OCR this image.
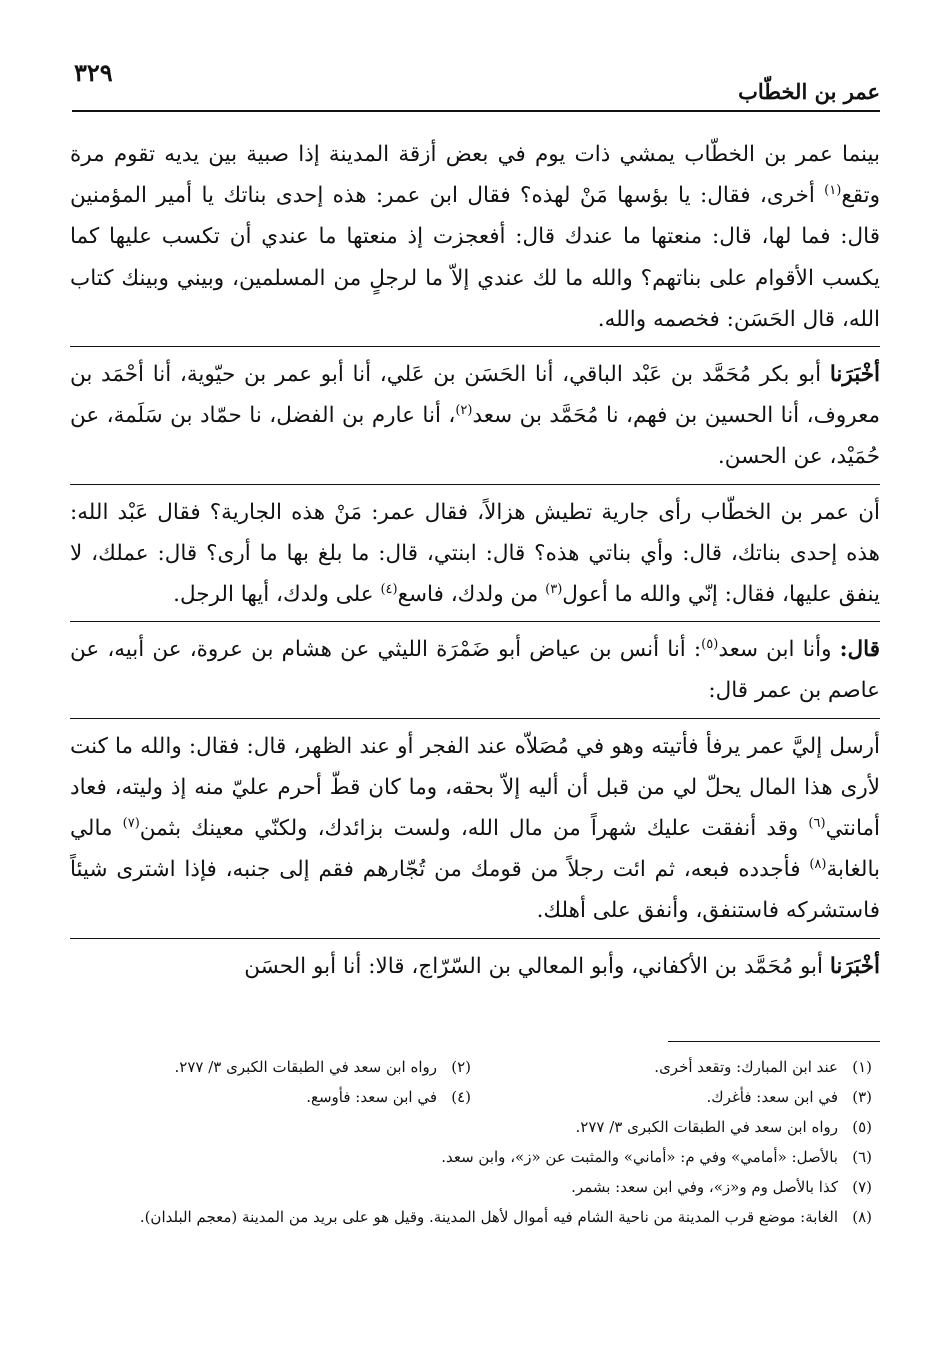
عمر بن الخطّاب
٣٢٩

بينما عمر بن الخطّاب يمشي ذات يوم في بعض أزقة المدينة إذا صبية بين يديه تقوم مرة وتقع$^{(١)}$ أخرى، فقال: يا بؤسها مَنْ لهذه؟ فقال ابن عمر: هذه إحدى بناتك يا أمير المؤمنين قال: فما لها، قال: منعتها ما عندك قال: أفعجزت إذ منعتها ما عندي أن تكسب عليها كما يكسب الأقوام على بناتهم؟ والله ما لك عندي إلاّ ما لرجلٍ من المسلمين، وبيني وبينك كتاب الله، قال الحَسَن: فخصمه والله.

أخْبَرَنا أبو بكر مُحَمَّد بن عَبْد الباقي، أنا الحَسَن بن عَلي، أنا أبو عمر بن حيّوية، أنا أحْمَد بن معروف، أنا الحسين بن فهم، نا مُحَمَّد بن سعد$^{(٢)}$، أنا عارم بن الفضل، نا حمّاد بن سَلَمة، عن حُمَيْد، عن الحسن.

أن عمر بن الخطّاب رأى جارية تطيش هزالاً، فقال عمر: مَنْ هذه الجارية؟ فقال عَبْد الله: هذه إحدى بناتك، قال: وأي بناتي هذه؟ قال: ابنتي، قال: ما بلغ بها ما أرى؟ قال: عملك، لا ينفق عليها، فقال: إنّي والله ما أعول$^{(٣)}$ من ولدك، فاسع$^{(٤)}$ على ولدك، أيها الرجل.

قال: وأنا ابن سعد$^{(٥)}$: أنا أنس بن عياض أبو ضَمْرَة الليثي عن هشام بن عروة، عن أبيه، عن عاصم بن عمر قال:

أرسل إليَّ عمر يرفأ فأتيته وهو في مُصَلاّه عند الفجر أو عند الظهر، قال: فقال: والله ما كنت لأرى هذا المال يحلّ لي من قبل أن أليه إلاّ بحقه، وما كان قطّ أحرم عليّ منه إذ وليته، فعاد أمانتي$^{(٦)}$ وقد أنفقت عليك شهراً من مال الله، ولست بزائدك، ولكنّي معينك بثمن$^{(٧)}$ مالي بالغابة$^{(٨)}$ فأجدده فبعه، ثم ائت رجلاً من قومك من تُجّارهم فقم إلى جنبه، فإذا اشترى شيئاً فاستشركه فاستنفق، وأنفق على أهلك.

أخْبَرَنا أبو مُحَمَّد بن الأكفاني، وأبو المعالي بن السّرّاج، قالا: أنا أبو الحسَن

(١)عند ابن المبارك: وتقعد أخرى.
(٢)رواه ابن سعد في الطبقات الكبرى ٣/ ٢٧٧.
(٣)في ابن سعد: فأغرك.
(٤)في ابن سعد: فأوسع.
(٥)رواه ابن سعد في الطبقات الكبرى ٣/ ٢٧٧.
(٦)بالأصل: «أمامي» وفي م: «أماني» والمثبت عن «ز»، وابن سعد.
(٧)كذا بالأصل وم و«ز»، وفي ابن سعد: بشمر.
(٨)الغابة: موضع قرب المدينة من ناحية الشام فيه أموال لأهل المدينة. وقيل هو على بريد من المدينة (معجم البلدان).
